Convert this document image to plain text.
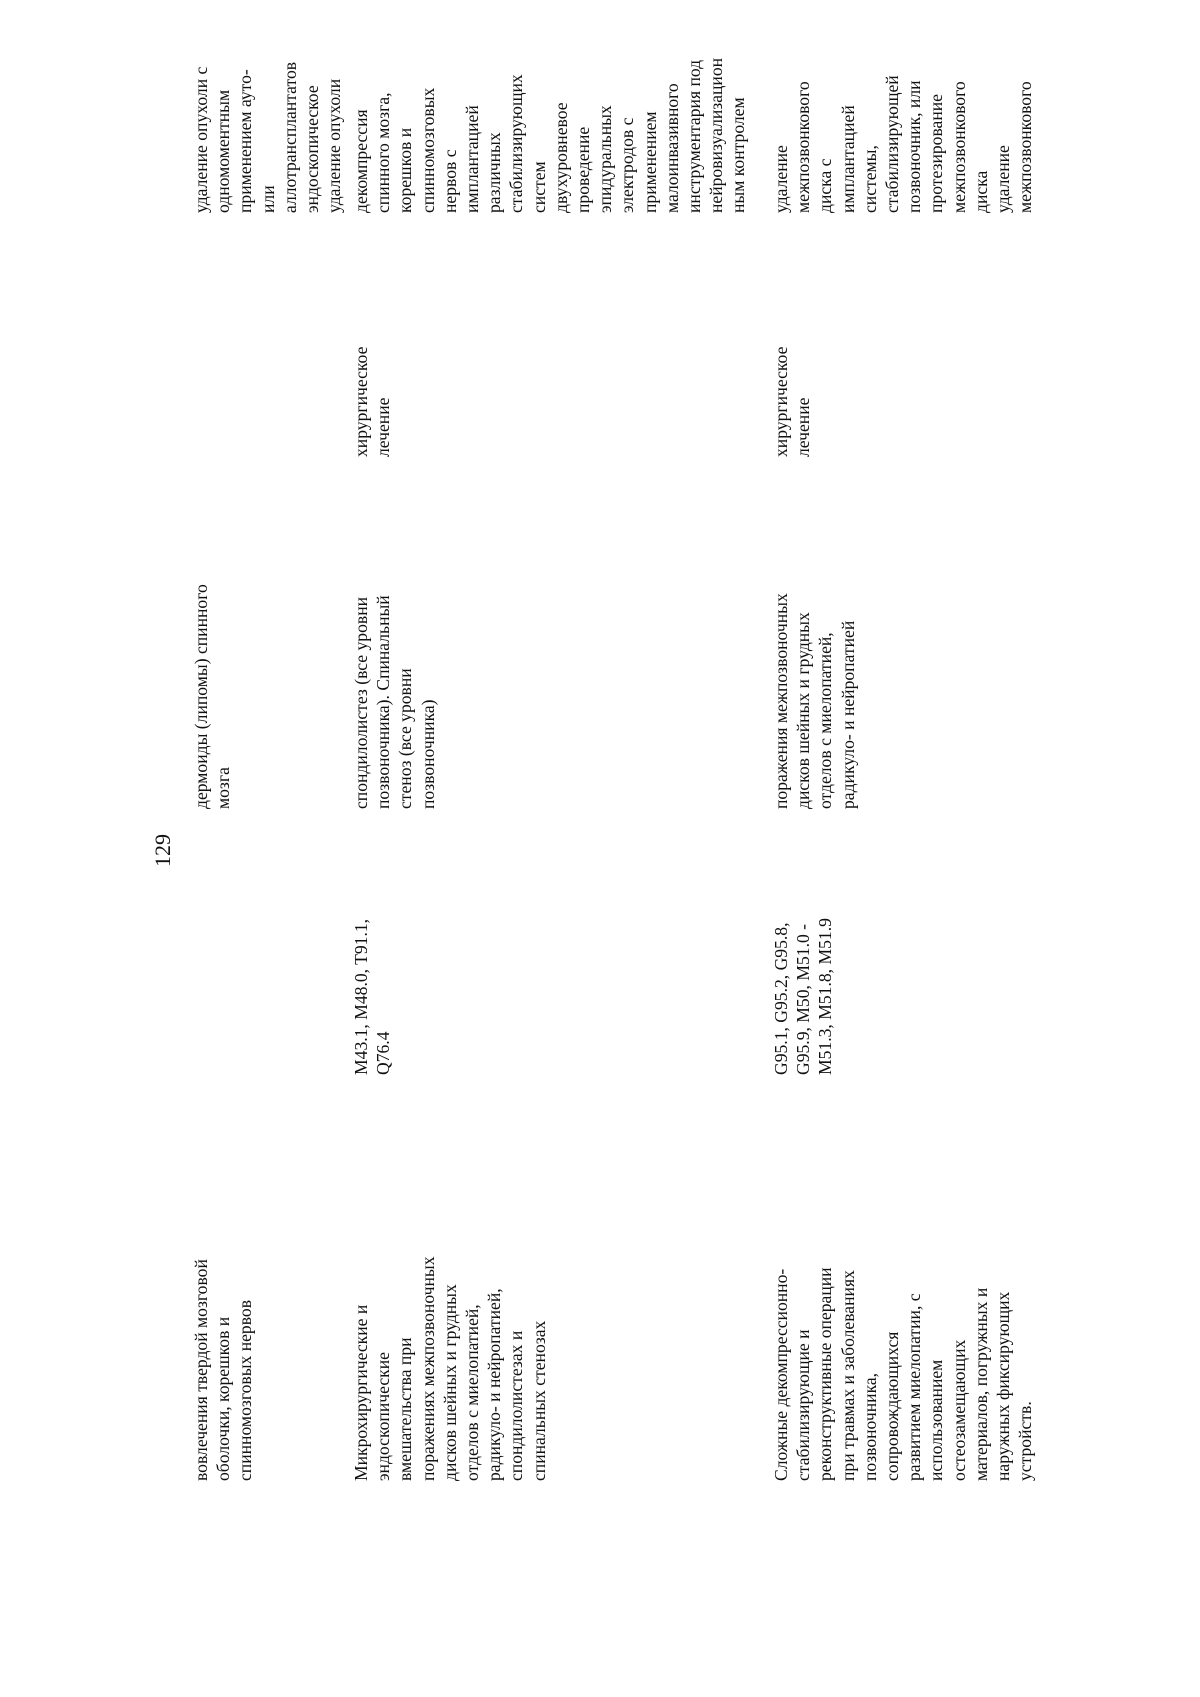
129

вовлечения твердой мозговой
оболочки, корешков и
спинномозговых нервов

дермоиды (липомы) спинного
мозга

удаление опухоли с
одномоментным
применением ауто-
или
аллотрансплантатов
эндоскопическое
удаление опухоли

Микрохирургические и
эндоскопические
вмешательства при
поражениях межпозвоночных
дисков шейных и грудных
отделов с миелопатией,
радикуло- и нейропатией,
спондилолистезах и
спинальных стенозах

M43.1, M48.0, T91.1,
Q76.4

спондилолистез (все уровни
позвоночника). Спинальный
стеноз (все уровни
позвоночника)

хирургическое
лечение

декомпрессия
спинного мозга,
корешков и
спинномозговых
нервов с
имплантацией
различных
стабилизирующих
систем
двухуровневое
проведение
эпидуральных
электродов с
применением
малоинвазивного
инструментария под
нейровизуализацион
ным контролем

Сложные декомпрессионно-
стабилизирующие и
реконструктивные операции
при травмах и заболеваниях
позвоночника,
сопровождающихся
развитием миелопатии, с
использованием
остеозамещающих
материалов, погружных и
наружных фиксирующих
устройств.

G95.1, G95.2, G95.8,
G95.9, M50, M51.0 -
M51.3, M51.8, M51.9

поражения межпозвоночных
дисков шейных и грудных
отделов с миелопатией,
радикуло- и нейропатией

хирургическое
лечение

удаление
межпозвонкового
диска с
имплантацией
системы,
стабилизирующей
позвоночник, или
протезирование
межпозвонкового
диска
удаление
межпозвонкового
